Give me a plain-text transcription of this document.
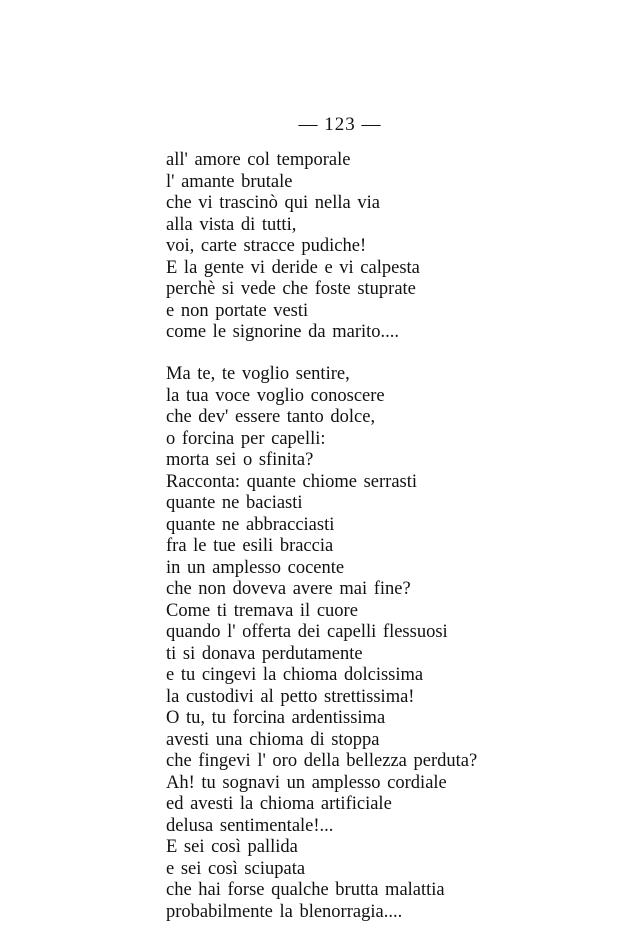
— 123 —
all' amore col temporale
l' amante brutale
che vi trascinò qui nella via
alla vista di tutti,
voi, carte stracce pudiche!
E la gente vi deride e vi calpesta
perchè si vede che foste stuprate
e non portate vesti
come le signorine da marito....
Ma te, te voglio sentire,
la tua voce voglio conoscere
che dev' essere tanto dolce,
o forcina per capelli:
morta sei o sfinita?
Racconta: quante chiome serrasti
quante ne baciasti
quante ne abbracciasti
fra le tue esili braccia
in un amplesso cocente
che non doveva avere mai fine?
Come ti tremava il cuore
quando l' offerta dei capelli flessuosi
ti si donava perdutamente
e tu cingevi la chioma dolcissima
la custodivi al petto strettissima!
O tu, tu forcina ardentissima
avesti una chioma di stoppa
che fingevi l' oro della bellezza perduta?
Ah! tu sognavi un amplesso cordiale
ed avesti la chioma artificiale
delusa sentimentale!...
E sei così pallida
e sei così sciupata
che hai forse qualche brutta malattia
probabilmente la blenorragia....
